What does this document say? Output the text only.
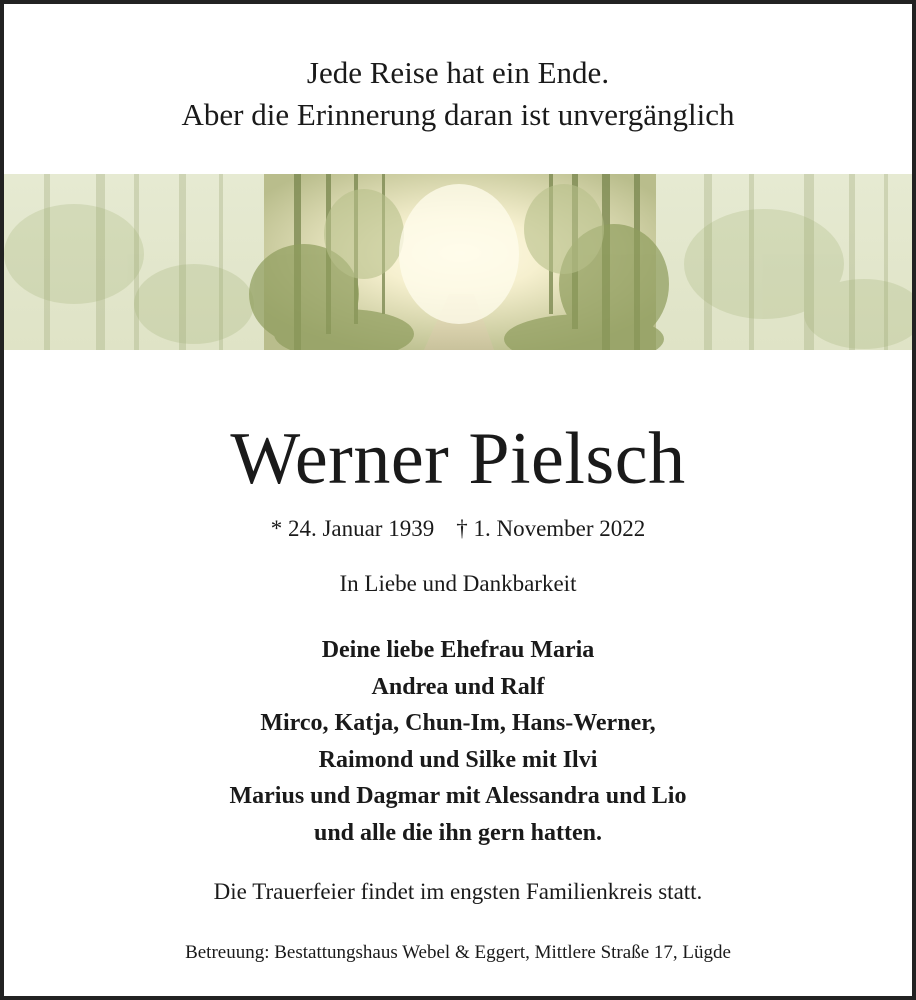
Jede Reise hat ein Ende.
Aber die Erinnerung daran ist unvergänglich
Werner Pielsch
* 24. Januar 1939 † 1. November 2022
In Liebe und Dankbarkeit
Deine liebe Ehefrau Maria
Andrea und Ralf
Mirco, Katja, Chun-Im, Hans-Werner,
Raimond und Silke mit Ilvi
Marius und Dagmar mit Alessandra und Lio
und alle die ihn gern hatten.
Die Trauerfeier findet im engsten Familienkreis statt.
Betreuung: Bestattungshaus Webel & Eggert, Mittlere Straße 17, Lügde
